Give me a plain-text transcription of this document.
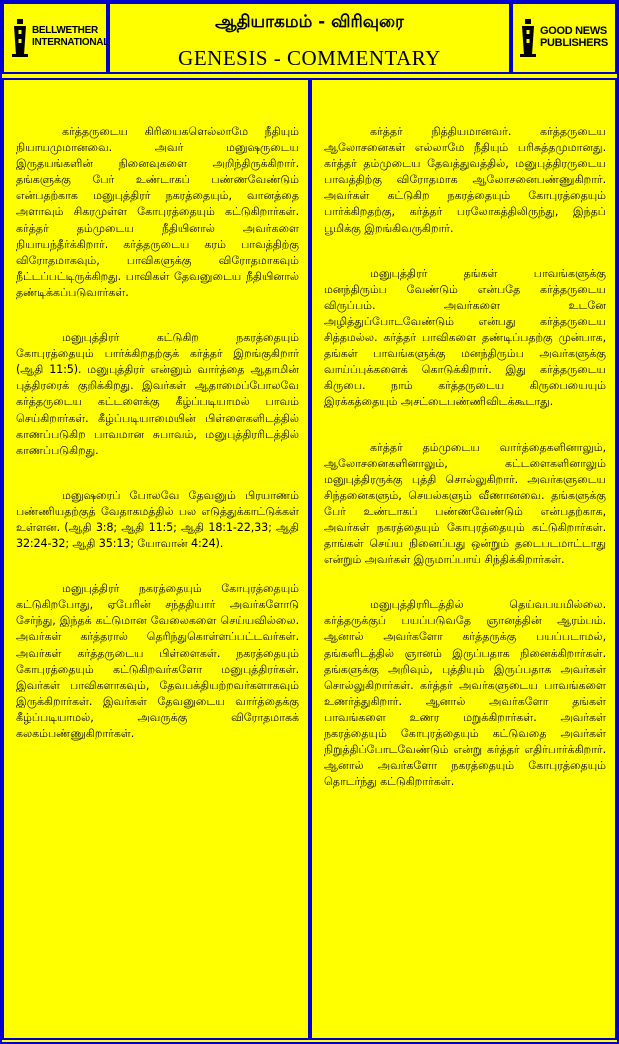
BELLWETHER
INTERNATIONAL
ஆதியாகமம் - விரிவுரை
GENESIS - COMMENTARY
GOOD NEWS
PUBLISHERS

கர்த்தருடைய கிரியைகளெல்லாமே நீதியும் நியாயமுமானவை. அவர் மனுஷருடைய இருதயங்களின் நினைவுகளை அறிந்திருக்கிறார். தங்களுக்கு பேர் உண்டாகப் பண்ணவேண்டும் என்பதற்காக மனுபுத்திரர் நகரத்தையும், வானத்தை அளாவும் சிகரமுள்ள கோபுரத்தையும் கட்டுகிறார்கள். கர்த்தர் தம்முடைய நீதியினால் அவர்களை நியாயந்தீர்க்கிறார். கர்த்தருடைய கரம் பாவத்திற்கு விரோதமாகவும், பாவிகளுக்கு விரோதமாகவும் நீட்டப்பட்டிருக்கிறது. பாவிகள் தேவனுடைய நீதியினால் தண்டிக்கப்படுவார்கள்.

மனுபுத்திரர் கட்டுகிற நகரத்தையும் கோபுரத்தையும் பார்க்கிறதற்குக் கர்த்தர் இறங்குகிறார் (ஆதி 11:5). மனுபுத்திரர் என்னும் வார்த்தை ஆதாமின் புத்திரரைக் குறிக்கிறது. இவர்கள் ஆதாமைப்போலவே கர்த்தருடைய கட்டளைக்கு கீழ்ப்படியாமல் பாவம் செய்கிறார்கள். கீழ்ப்படியாமையின் பிள்ளைகளிடத்தில் காணப்படுகிற பாவமான சுபாவம், மனுபுத்திரரிடத்தில் காணப்படுகிறது.

மனுஷரைப் போலவே தேவனும் பிரயாணம் பண்ணியதற்குத் வேதாகமத்தில் பல எடுத்துக்காட்டுக்கள் உள்ளன. (ஆதி 3:8; ஆதி 11:5; ஆதி 18:1-22,33; ஆதி 32:24-32; ஆதி 35:13; யோவான் 4:24).

மனுபுத்திரர் நகரத்தையும் கோபுரத்தையும் கட்டுகிறபோது, ஏபேரின் சந்ததியார் அவர்களோடு சேர்ந்து, இந்தக் கட்டுமான வேலைகளை செய்யவில்லை. அவர்கள் கர்த்தரால் தெரிந்துகொள்ளப்பட்டவர்கள். அவர்கள் கர்த்தருடைய பிள்ளைகள். நகரத்தையும் கோபுரத்தையும் கட்டுகிறவர்களோ மனுபுத்திரர்கள். இவர்கள் பாவிகளாகவும், தேவபக்தியற்றவர்களாகவும் இருக்கிறார்கள். இவர்கள் தேவனுடைய வார்த்தைக்கு கீழ்ப்படியாமல், அவருக்கு விரோதமாகக் கலகம்பண்ணுகிறார்கள்.

கர்த்தர் நித்தியமானவர். கர்த்தருடைய ஆலோசனைகள் எல்லாமே நீதியும் பரிசுத்தமுமானது. கர்த்தர் தம்முடைய தேவத்துவத்தில், மனுபுத்திரருடைய பாவத்திற்கு விரோதமாக ஆலோசனைபண்ணுகிறார். அவர்கள் கட்டுகிற நகரத்தையும் கோபுரத்தையும் பார்க்கிறதற்கு, கர்த்தர் பரலோகத்திலிருந்து, இந்தப் பூமிக்கு இறங்கிவருகிறார்.

மனுபுத்திரர் தங்கள் பாவங்களுக்கு மனந்திரும்ப வேண்டும் என்பதே கர்த்தருடைய விருப்பம். அவர்களை உடனே அழித்துப்போடவேண்டும் என்பது கர்த்தருடைய சித்தமல்ல. கர்த்தர் பாவிகளை தண்டிப்பதற்கு முன்பாக, தங்கள் பாவங்களுக்கு மனந்திரும்ப அவர்களுக்கு வாய்ப்புக்களைக் கொடுக்கிறார். இது கர்த்தருடைய கிருபை. நாம் கர்த்தருடைய கிருபையையும் இரக்கத்தையும் அசட்டைபண்ணிவிடக்கூடாது.

கர்த்தர் தம்முடைய வார்த்தைகளினாலும், ஆலோசனைகளினாலும், கட்டளைகளினாலும் மனுபுத்திரருக்கு புத்தி சொல்லுகிறார். அவர்களுடைய சிந்தனைகளும், செயல்களும் வீணானவை. தங்களுக்கு பேர் உண்டாகப் பண்ணவேண்டும் என்பதற்காக, அவர்கள் நகரத்தையும் கோபுரத்தையும் கட்டுகிறார்கள். தாங்கள் செய்ய நினைப்பது ஒன்றும் தடைபடமாட்டாது என்றும் அவர்கள் இருமாப்பாய் சிந்திக்கிறார்கள்.

மனுபுத்திரரிடத்தில் தெய்வபயமில்லை. கர்த்தருக்குப் பயப்படுவதே ஞானத்தின் ஆரம்பம். ஆனால் அவர்களோ கர்த்தருக்கு பயப்படாமல், தங்களிடத்தில் ஞானம் இருப்பதாக நினைக்கிறார்கள். தங்களுக்கு அறிவும், புத்தியும் இருப்பதாக அவர்கள் சொல்லுகிறார்கள். கர்த்தர் அவர்களுடைய பாவங்களை உணர்த்துகிறார். ஆனால் அவர்களோ தங்கள் பாவங்களை உணர மறுக்கிறார்கள். அவர்கள் நகரத்தையும் கோபுரத்தையும் கட்டுவதை அவர்கள் நிறுத்திப்போடவேண்டும் என்று கர்த்தர் எதிர்பார்க்கிறார். ஆனால் அவர்களோ நகரத்தையும் கோபுரத்தையும் தொடர்ந்து கட்டுகிறார்கள்.
